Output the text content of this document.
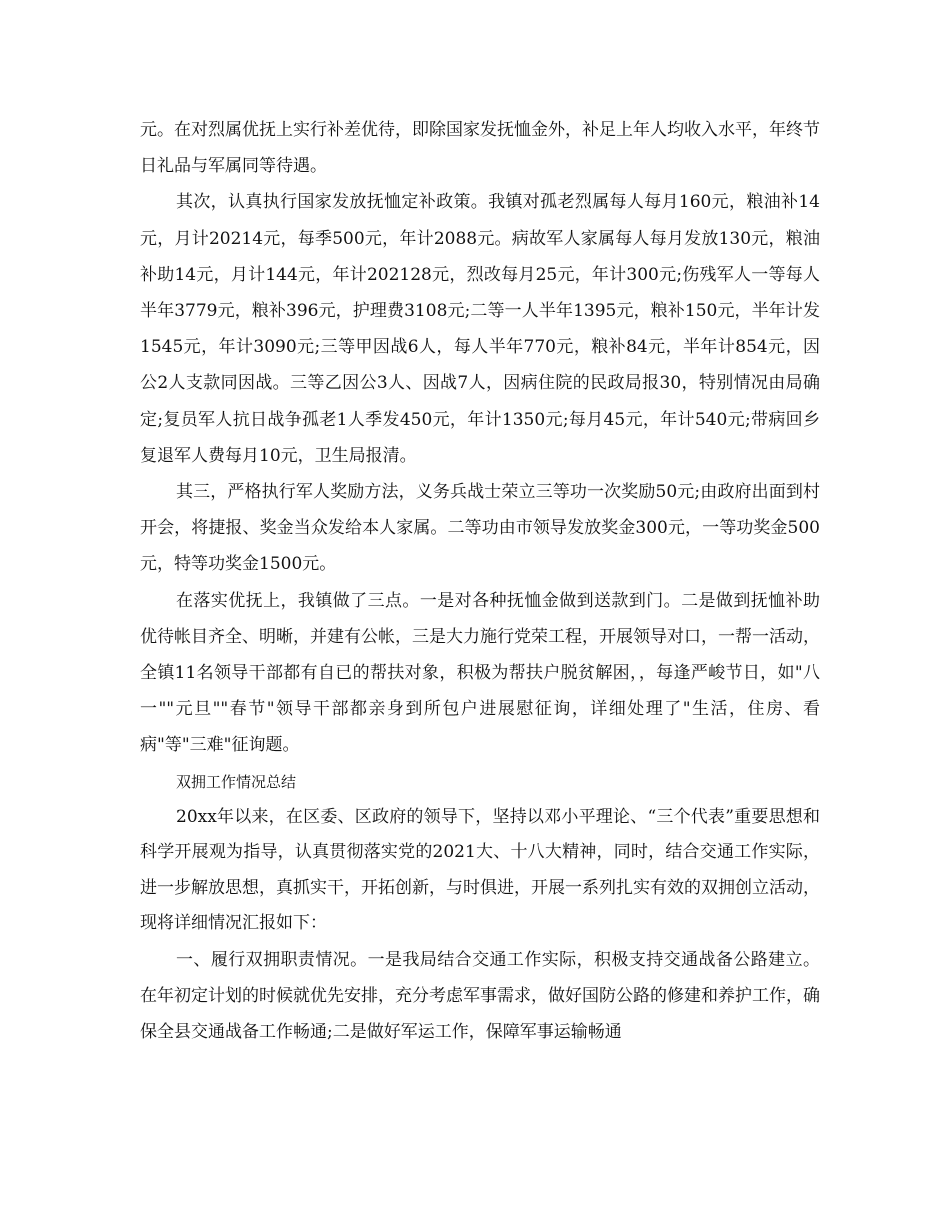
元。在对烈属优抚上实行补差优待，即除国家发抚恤金外，补足上年人均收入水平，年终节日礼品与军属同等待遇。

其次，认真执行国家发放抚恤定补政策。我镇对孤老烈属每人每月160元，粮油补14元，月计20214元，每季500元，年计2088元。病故军人家属每人每月发放130元，粮油补助14元，月计144元，年计202128元，烈改每月25元，年计300元;伤残军人一等每人半年3779元，粮补396元，护理费3108元;二等一人半年1395元，粮补150元，半年计发1545元，年计3090元;三等甲因战6人，每人半年770元，粮补84元，半年计854元，因公2人支款同因战。三等乙因公3人、因战7人，因病住院的民政局报30，特别情况由局确定;复员军人抗日战争孤老1人季发450元，年计1350元;每月45元，年计540元;带病回乡复退军人费每月10元，卫生局报清。

其三，严格执行军人奖励方法，义务兵战士荣立三等功一次奖励50元;由政府出面到村开会，将捷报、奖金当众发给本人家属。二等功由市领导发放奖金300元，一等功奖金500元，特等功奖金1500元。

在落实优抚上，我镇做了三点。一是对各种抚恤金做到送款到门。二是做到抚恤补助优待帐目齐全、明晰，并建有公帐，三是大力施行党荣工程，开展领导对口，一帮一活动，全镇11名领导干部都有自已的帮扶对象，积极为帮扶户脱贫解困，，每逢严峻节日，如"八一""元旦""春节"领导干部都亲身到所包户进展慰征询，详细处理了"生活，住房、看病"等"三难"征询题。

双拥工作情况总结

20xx年以来，在区委、区政府的领导下，坚持以邓小平理论、“三个代表”重要思想和科学开展观为指导，认真贯彻落实党的2021大、十八大精神，同时，结合交通工作实际，进一步解放思想，真抓实干，开拓创新，与时俱进，开展一系列扎实有效的双拥创立活动，现将详细情况汇报如下：

一、履行双拥职责情况。一是我局结合交通工作实际，积极支持交通战备公路建立。在年初定计划的时候就优先安排，充分考虑军事需求，做好国防公路的修建和养护工作，确保全县交通战备工作畅通;二是做好军运工作，保障军事运输畅通
